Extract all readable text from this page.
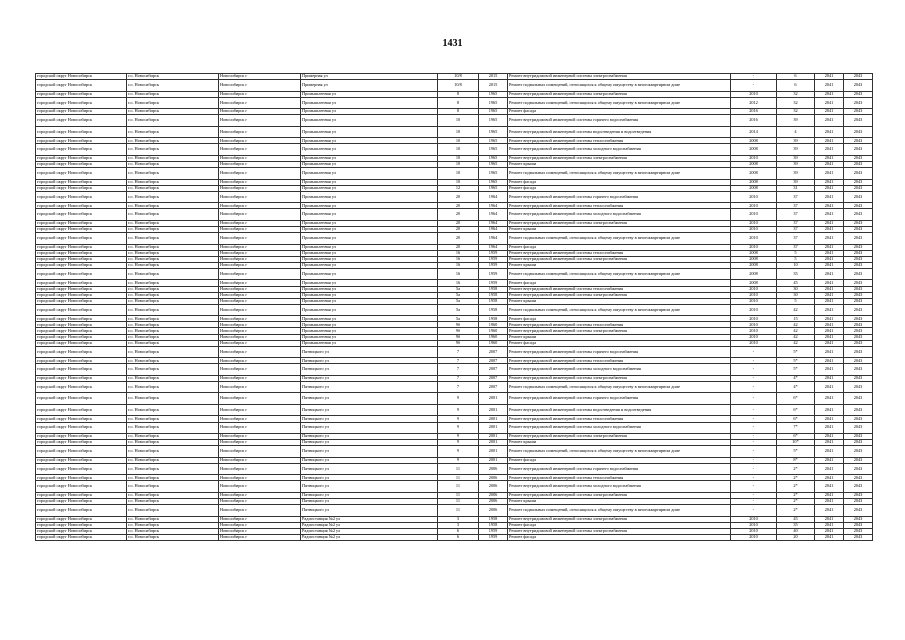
1431
городской округ Новосибирск	г.о. Новосибирск	Новосибирск г	Примерная ул	10/8	2015	Ремонт внутридомовой инженерной системы электроснабжения	-	6	2041	2043
городской округ Новосибирск	г.о. Новосибирск	Новосибирск г	Примерная ул	10/8	2015	Ремонт подвальных помещений, относящихся к общему имуществу в многоквартирном доме	-	6	2041	2043
городской округ Новосибирск	г.о. Новосибирск	Новосибирск г	Промышленная ул	8	1965	Ремонт внутридомовой инженерной системы электроснабжения	2010	32	2041	2043
городской округ Новосибирск	г.о. Новосибирск	Новосибирск г	Промышленная ул	8	1965	Ремонт подвальных помещений, относящихся к общему имуществу в многоквартирном доме	2012	32	2041	2043
городской округ Новосибирск	г.о. Новосибирск	Новосибирск г	Промышленная ул	8	1965	Ремонт фасада	2016	32	2041	2043
городской округ Новосибирск	г.о. Новосибирск	Новосибирск г	Промышленная ул	10	1965	Ремонт внутридомовой инженерной системы горячего водоснабжения	2016	39	2041	2043
городской округ Новосибирск	г.о. Новосибирск	Новосибирск г	Промышленная ул	10	1965	Ремонт внутридомовой инженерной системы водоотведения и водоотведения	2014	4	2041	2043
городской округ Новосибирск	г.о. Новосибирск	Новосибирск г	Промышленная ул	10	1965	Ремонт внутридомовой инженерной системы теплоснабжения	2008	39	2041	2043
городской округ Новосибирск	г.о. Новосибирск	Новосибирск г	Промышленная ул	10	1965	Ремонт внутридомовой инженерной системы холодного водоснабжения	2008	39	2041	2043
городской округ Новосибирск	г.о. Новосибирск	Новосибирск г	Промышленная ул	10	1965	Ремонт внутридомовой инженерной системы электроснабжения	2010	39	2041	2043
городской округ Новосибирск	г.о. Новосибирск	Новосибирск г	Промышленная ул	10	1965	Ремонт крыши	2008	39	2041	2043
городской округ Новосибирск	г.о. Новосибирск	Новосибирск г	Промышленная ул	10	1965	Ремонт подвальных помещений, относящихся к общему имуществу в многоквартирном доме	2008	39	2041	2043
городской округ Новосибирск	г.о. Новосибирск	Новосибирск г	Промышленная ул	10	1965	Ремонт фасада	2008	39	2041	2043
городской округ Новосибирск	г.о. Новосибирск	Новосибирск г	Промышленная ул	12	1965	Ремонт фасада	2008	31	2041	2043
городской округ Новосибирск	г.о. Новосибирск	Новосибирск г	Промышленная ул	20	1964	Ремонт внутридомовой инженерной системы горячего водоснабжения	2010	37	2041	2043
городской округ Новосибирск	г.о. Новосибирск	Новосибирск г	Промышленная ул	20	1964	Ремонт внутридомовой инженерной системы теплоснабжения	2010	37	2041	2043
городской округ Новосибирск	г.о. Новосибирск	Новосибирск г	Промышленная ул	20	1964	Ремонт внутридомовой инженерной системы холодного водоснабжения	2010	37	2041	2043
городской округ Новосибирск	г.о. Новосибирск	Новосибирск г	Промышленная ул	20	1964	Ремонт внутридомовой инженерной системы электроснабжения	2010	37	2041	2043
городской округ Новосибирск	г.о. Новосибирск	Новосибирск г	Промышленная ул	20	1964	Ремонт крыши	2010	37	2041	2043
городской округ Новосибирск	г.о. Новосибирск	Новосибирск г	Промышленная ул	20	1964	Ремонт подвальных помещений, относящихся к общему имуществу в многоквартирном доме	2010	37	2041	2043
городской округ Новосибирск	г.о. Новосибирск	Новосибирск г	Промышленная ул	20	1964	Ремонт фасада	2010	37	2041	2043
городской округ Новосибирск	г.о. Новосибирск	Новосибирск г	Промышленная ул	16	1959	Ремонт внутридомовой инженерной системы теплоснабжения	2008	5	2041	2043
городской округ Новосибирск	г.о. Новосибирск	Новосибирск г	Промышленная ул	16	1959	Ремонт внутридомовой инженерной системы электроснабжения	2008	5	2041	2043
городской округ Новосибирск	г.о. Новосибирск	Новосибирск г	Промышленная ул	16	1959	Ремонт крыши	2008	10	2041	2043
городской округ Новосибирск	г.о. Новосибирск	Новосибирск г	Промышленная ул	16	1959	Ремонт подвальных помещений, относящихся к общему имуществу в многоквартирном доме	2008	35	2041	2043
городской округ Новосибирск	г.о. Новосибирск	Новосибирск г	Промышленная ул	16	1959	Ремонт фасада	2008	45	2041	2043
городской округ Новосибирск	г.о. Новосибирск	Новосибирск г	Промышленная ул	5а	1958	Ремонт внутридомовой инженерной системы теплоснабжения	2010	30	2041	2043
городской округ Новосибирск	г.о. Новосибирск	Новосибирск г	Промышленная ул	5а	1958	Ремонт внутридомовой инженерной системы электроснабжения	2010	30	2041	2043
городской округ Новосибирск	г.о. Новосибирск	Новосибирск г	Промышленная ул	5а	1958	Ремонт крыши	2010	5	2041	2043
городской округ Новосибирск	г.о. Новосибирск	Новосибирск г	Промышленная ул	5а	1958	Ремонт подвальных помещений, относящихся к общему имуществу в многоквартирном доме	2010	42	2041	2043
городской округ Новосибирск	г.о. Новосибирск	Новосибирск г	Промышленная ул	5а	1958	Ремонт фасада	2010	15	2041	2043
городской округ Новосибирск	г.о. Новосибирск	Новосибирск г	Промышленная ул	9б	1960	Ремонт внутридомовой инженерной системы теплоснабжения	2010	42	2041	2043
городской округ Новосибирск	г.о. Новосибирск	Новосибирск г	Промышленная ул	9б	1960	Ремонт внутридомовой инженерной системы электроснабжения	2010	42	2041	2043
городской округ Новосибирск	г.о. Новосибирск	Новосибирск г	Промышленная ул	9б	1960	Ремонт крыши	2010	42	2041	2043
городской округ Новосибирск	г.о. Новосибирск	Новосибирск г	Промышленная ул	9б	1960	Ремонт фасада	2010	42	2041	2043
городской округ Новосибирск	г.о. Новосибирск	Новосибирск г	Пятницкого ул	7	2007	Ремонт внутридомовой инженерной системы горячего водоснабжения	-	5*	2041	2043
городской округ Новосибирск	г.о. Новосибирск	Новосибирск г	Пятницкого ул	7	2007	Ремонт внутридомовой инженерной системы теплоснабжения	-	5*	2041	2043
городской округ Новосибирск	г.о. Новосибирск	Новосибирск г	Пятницкого ул	7	2007	Ремонт внутридомовой инженерной системы холодного водоснабжения	-	5*	2041	2043
городской округ Новосибирск	г.о. Новосибирск	Новосибирск г	Пятницкого ул	7	2007	Ремонт внутридомовой инженерной системы электроснабжения	-	4*	2041	2043
городской округ Новосибирск	г.о. Новосибирск	Новосибирск г	Пятницкого ул	7	2007	Ремонт подвальных помещений, относящихся к общему имуществу в многоквартирном доме	-	4*	2041	2043
городской округ Новосибирск	г.о. Новосибирск	Новосибирск г	Пятницкого ул	9	2001	Ремонт внутридомовой инженерной системы горячего водоснабжения	-	6*	2041	2043
городской округ Новосибирск	г.о. Новосибирск	Новосибирск г	Пятницкого ул	9	2001	Ремонт внутридомовой инженерной системы водоотведения и водоотведения	-	6*	2041	2043
городской округ Новосибирск	г.о. Новосибирск	Новосибирск г	Пятницкого ул	9	2001	Ремонт внутридомовой инженерной системы теплоснабжения	-	6*	2041	2043
городской округ Новосибирск	г.о. Новосибирск	Новосибирск г	Пятницкого ул	9	2001	Ремонт внутридомовой инженерной системы холодного водоснабжения	-	7*	2041	2043
городской округ Новосибирск	г.о. Новосибирск	Новосибирск г	Пятницкого ул	9	2001	Ремонт внутридомовой инженерной системы электроснабжения	-	6*	2041	2043
городской округ Новосибирск	г.о. Новосибирск	Новосибирск г	Пятницкого ул	9	2001	Ремонт крыши	-	10*	2041	2043
городской округ Новосибирск	г.о. Новосибирск	Новосибирск г	Пятницкого ул	9	2001	Ремонт подвальных помещений, относящихся к общему имуществу в многоквартирном доме	-	5*	2041	2043
городской округ Новосибирск	г.о. Новосибирск	Новосибирск г	Пятницкого ул	9	2001	Ремонт фасада	-	8*	2041	2043
городской округ Новосибирск	г.о. Новосибирск	Новосибирск г	Пятницкого ул	11	2006	Ремонт внутридомовой инженерной системы горячего водоснабжения	-	2*	2041	2043
городской округ Новосибирск	г.о. Новосибирск	Новосибирск г	Пятницкого ул	11	2006	Ремонт внутридомовой инженерной системы теплоснабжения	-	2*	2041	2043
городской округ Новосибирск	г.о. Новосибирск	Новосибирск г	Пятницкого ул	11	2006	Ремонт внутридомовой инженерной системы холодного водоснабжения	-	2*	2041	2043
городской округ Новосибирск	г.о. Новосибирск	Новосибирск г	Пятницкого ул	11	2006	Ремонт внутридомовой инженерной системы электроснабжения	-	2*	2041	2043
городской округ Новосибирск	г.о. Новосибирск	Новосибирск г	Пятницкого ул	11	2006	Ремонт крыши	-	2*	2041	2043
городской округ Новосибирск	г.о. Новосибирск	Новосибирск г	Пятницкого ул	11	2006	Ремонт подвальных помещений, относящихся к общему имуществу в многоквартирном доме	-	2*	2041	2043
городской округ Новосибирск	г.о. Новосибирск	Новосибирск г	Радиостанция №2 ул	3	1958	Ремонт внутридомовой инженерной системы электроснабжения	2010	45	2041	2043
городской округ Новосибирск	г.о. Новосибирск	Новосибирск г	Радиостанция №2 ул	3	1958	Ремонт фасада	2010	35	2041	2043
городской округ Новосибирск	г.о. Новосибирск	Новосибирск г	Радиостанция №2 ул	6	1959	Ремонт внутридомовой инженерной системы электроснабжения	2010	40	2041	2043
городской округ Новосибирск	г.о. Новосибирск	Новосибирск г	Радиостанция №2 ул	6	1959	Ремонт фасада	2010	20	2041	2043
